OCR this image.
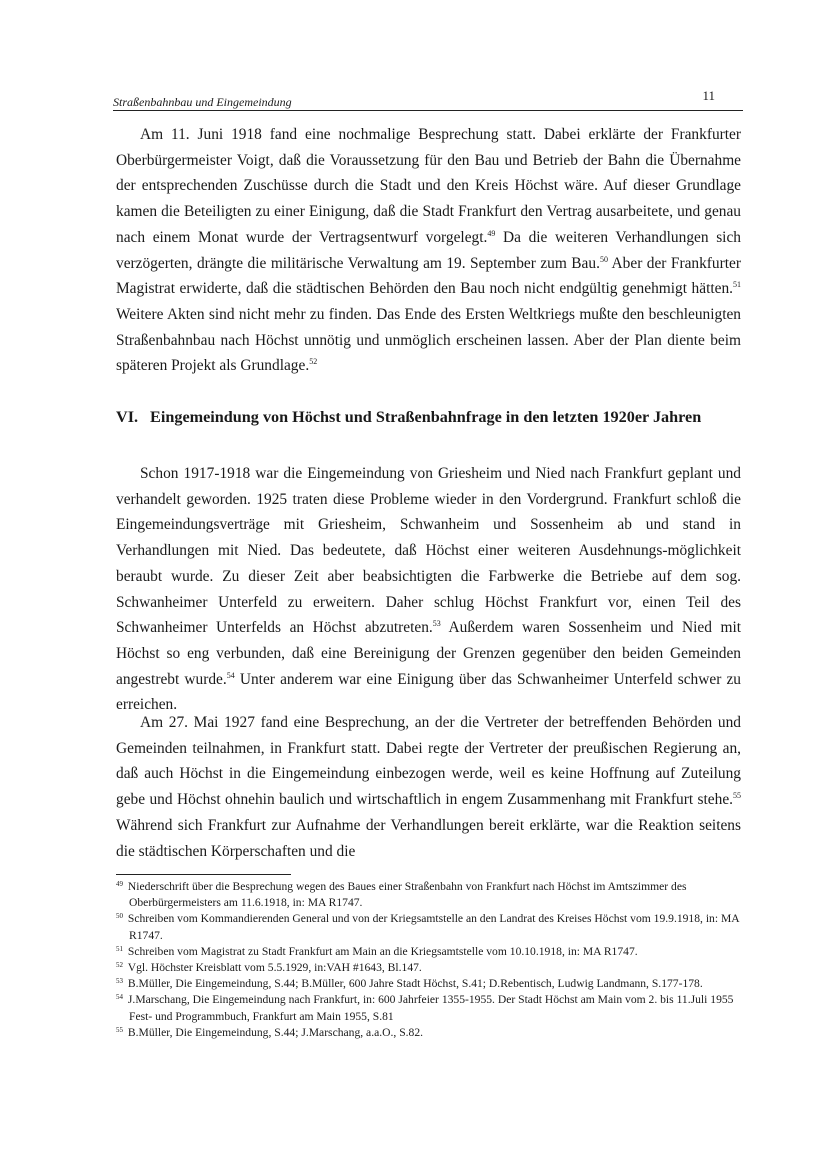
Straßenbahnbau und Eingemeindung	11

Am 11. Juni 1918 fand eine nochmalige Besprechung statt. Dabei erklärte der Frankfurter Oberbürgermeister Voigt, daß die Voraussetzung für den Bau und Betrieb der Bahn die Übernahme der entsprechenden Zuschüsse durch die Stadt und den Kreis Höchst wäre. Auf dieser Grundlage kamen die Beteiligten zu einer Einigung, daß die Stadt Frankfurt den Vertrag ausarbeitete, und genau nach einem Monat wurde der Vertragsentwurf vorgelegt.$^{49}$ Da die weiteren Verhandlungen sich verzögerten, drängte die militärische Verwaltung am 19. September zum Bau.$^{50}$ Aber der Frankfurter Magistrat erwiderte, daß die städtischen Behörden den Bau noch nicht endgültig genehmigt hätten.$^{51}$ Weitere Akten sind nicht mehr zu finden. Das Ende des Ersten Weltkriegs mußte den beschleunigten Straßenbahnbau nach Höchst unnötig und unmöglich erscheinen lassen. Aber der Plan diente beim späteren Projekt als Grundlage.$^{52}$

VI. Eingemeindung von Höchst und Straßenbahnfrage in den letzten 1920er Jahren

Schon 1917-1918 war die Eingemeindung von Griesheim und Nied nach Frankfurt geplant und verhandelt geworden. 1925 traten diese Probleme wieder in den Vordergrund. Frankfurt schloß die Eingemeindungsverträge mit Griesheim, Schwanheim und Sossenheim ab und stand in Verhandlungen mit Nied. Das bedeutete, daß Höchst einer weiteren Ausdehnungs-möglichkeit beraubt wurde. Zu dieser Zeit aber beabsichtigten die Farbwerke die Betriebe auf dem sog. Schwanheimer Unterfeld zu erweitern. Daher schlug Höchst Frankfurt vor, einen Teil des Schwanheimer Unterfelds an Höchst abzutreten.$^{53}$ Außerdem waren Sossenheim und Nied mit Höchst so eng verbunden, daß eine Bereinigung der Grenzen gegenüber den beiden Gemeinden angestrebt wurde.$^{54}$ Unter anderem war eine Einigung über das Schwanheimer Unterfeld schwer zu erreichen.

Am 27. Mai 1927 fand eine Besprechung, an der die Vertreter der betreffenden Behörden und Gemeinden teilnahmen, in Frankfurt statt. Dabei regte der Vertreter der preußischen Regierung an, daß auch Höchst in die Eingemeindung einbezogen werde, weil es keine Hoffnung auf Zuteilung gebe und Höchst ohnehin baulich und wirtschaftlich in engem Zusammenhang mit Frankfurt stehe.$^{55}$ Während sich Frankfurt zur Aufnahme der Verhandlungen bereit erklärte, war die Reaktion seitens die städtischen Körperschaften und die

$^{49}$ Niederschrift über die Besprechung wegen des Baues einer Straßenbahn von Frankfurt nach Höchst im Amtszimmer des Oberbürgermeisters am 11.6.1918, in: MA R1747.
$^{50}$ Schreiben vom Kommandierenden General und von der Kriegsamtstelle an den Landrat des Kreises Höchst vom 19.9.1918, in: MA R1747.
$^{51}$ Schreiben vom Magistrat zu Stadt Frankfurt am Main an die Kriegsamtstelle vom 10.10.1918, in: MA R1747.
$^{52}$ Vgl. Höchster Kreisblatt vom 5.5.1929, in:VAH #1643, Bl.147.
$^{53}$ B.Müller, Die Eingemeindung, S.44; B.Müller, 600 Jahre Stadt Höchst, S.41; D.Rebentisch, Ludwig Landmann, S.177-178.
$^{54}$ J.Marschang, Die Eingemeindung nach Frankfurt, in: 600 Jahrfeier 1355-1955. Der Stadt Höchst am Main vom 2. bis 11.Juli 1955 Fest- und Programmbuch, Frankfurt am Main 1955, S.81
$^{55}$ B.Müller, Die Eingemeindung, S.44; J.Marschang, a.a.O., S.82.
